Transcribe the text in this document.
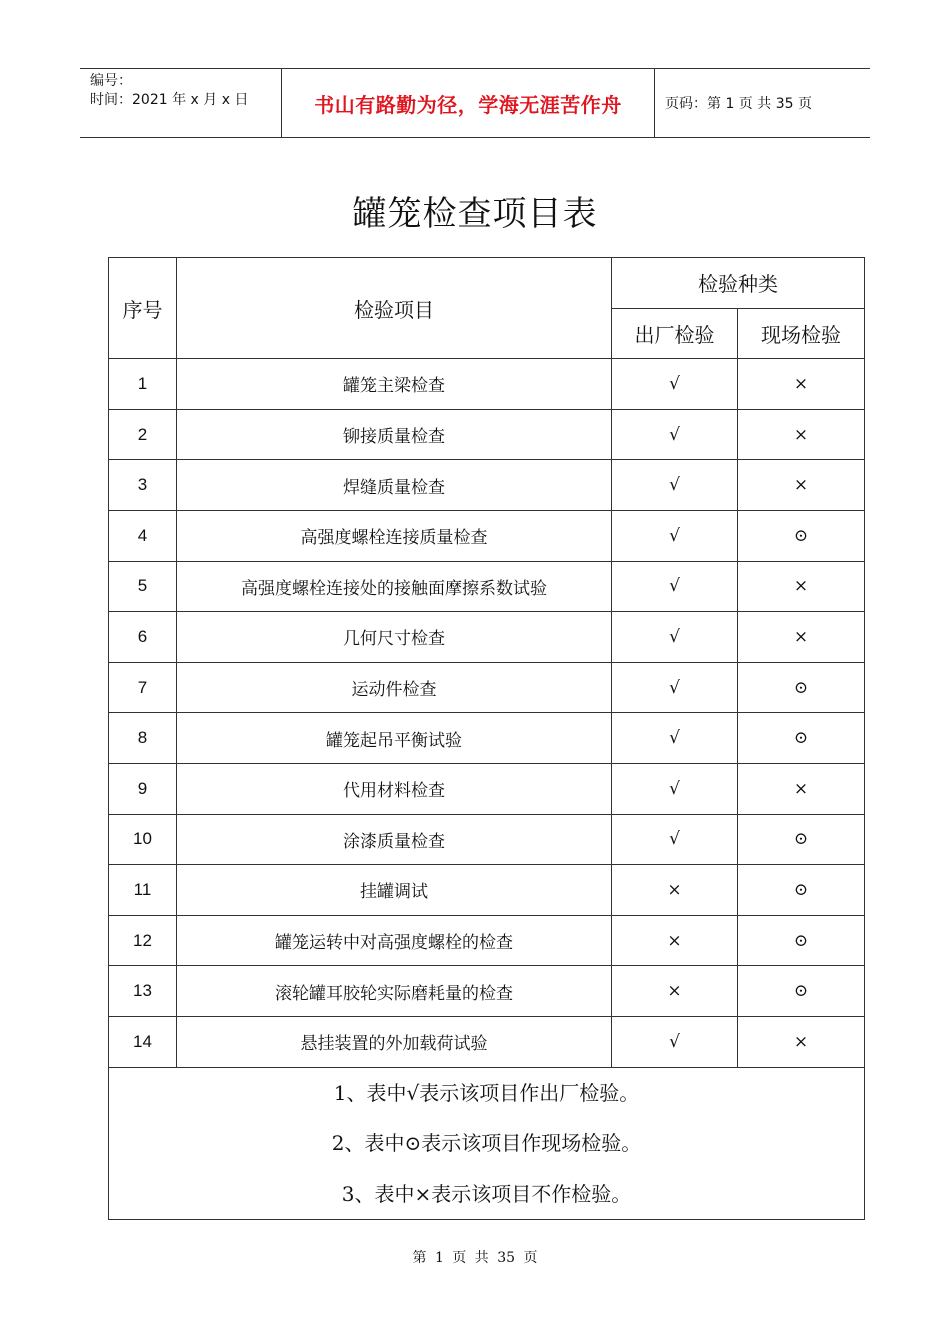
编号：
时间：2021 年 x 月 x 日	书山有路勤为径，学海无涯苦作舟	页码：第 1 页 共 35 页
罐笼检查项目表
序号	检验项目	检验种类	
		出厂检验	现场检验
1	罐笼主梁检查	√	×
2	铆接质量检查	√	×
3	焊缝质量检查	√	×
4	高强度螺栓连接质量检查	√	⊙
5	高强度螺栓连接处的接触面摩擦系数试验	√	×
6	几何尺寸检查	√	×
7	运动件检查	√	⊙
8	罐笼起吊平衡试验	√	⊙
9	代用材料检查	√	×
10	涂漆质量检查	√	⊙
11	挂罐调试	×	⊙
12	罐笼运转中对高强度螺栓的检查	×	⊙
13	滚轮罐耳胶轮实际磨耗量的检查	×	⊙
14	悬挂装置的外加载荷试验	√	×

1、表中√表示该项目作出厂检验。
2、表中⊙表示该项目作现场检验。
3、表中×表示该项目不作检验。			
第 1 页 共 35 页
